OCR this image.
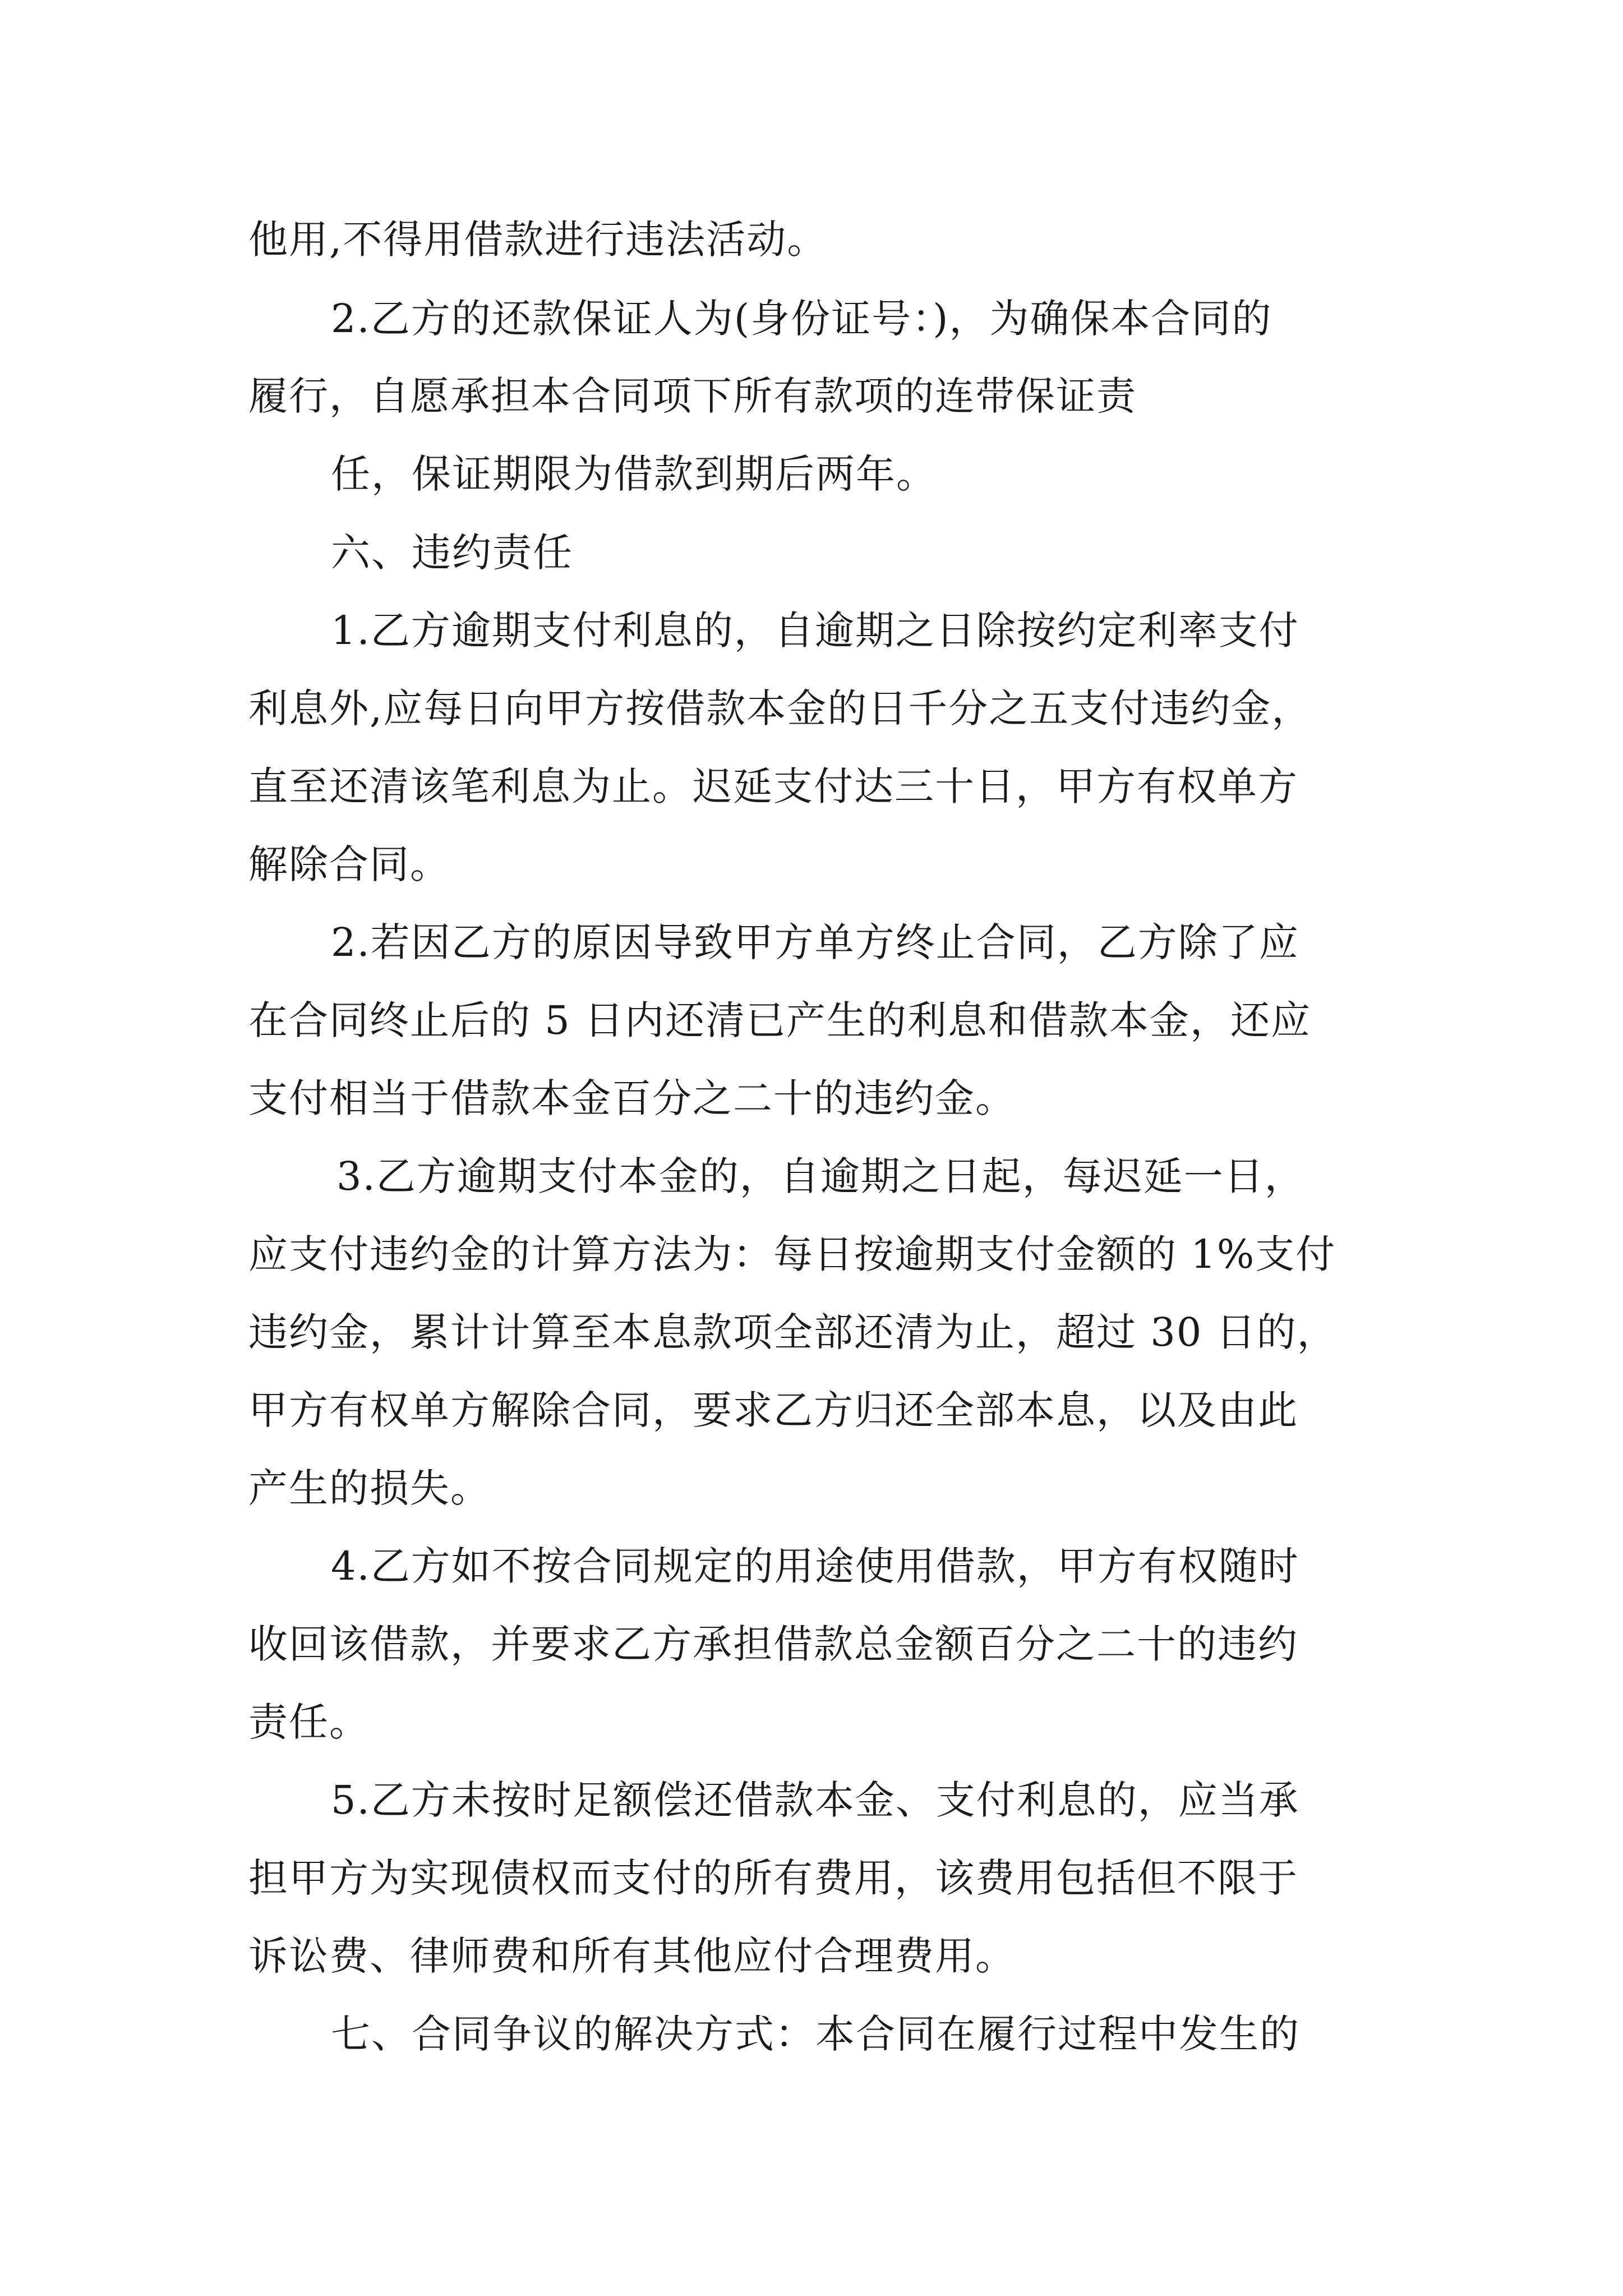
他用,不得用借款进行违法活动。
2.乙方的还款保证人为(身份证号：)，为确保本合同的
履行，自愿承担本合同项下所有款项的连带保证责
任，保证期限为借款到期后两年。
六、违约责任
1.乙方逾期支付利息的，自逾期之日除按约定利率支付
利息外,应每日向甲方按借款本金的日千分之五支付违约金，
直至还清该笔利息为止。迟延支付达三十日，甲方有权单方
解除合同。
2.若因乙方的原因导致甲方单方终止合同，乙方除了应
在合同终止后的 5 日内还清已产生的利息和借款本金，还应
支付相当于借款本金百分之二十的违约金。
3.乙方逾期支付本金的，自逾期之日起，每迟延一日，
应支付违约金的计算方法为：每日按逾期支付金额的 1%支付
违约金，累计计算至本息款项全部还清为止，超过 30 日的，
甲方有权单方解除合同，要求乙方归还全部本息，以及由此
产生的损失。
4.乙方如不按合同规定的用途使用借款，甲方有权随时
收回该借款，并要求乙方承担借款总金额百分之二十的违约
责任。
5.乙方未按时足额偿还借款本金、支付利息的，应当承
担甲方为实现债权而支付的所有费用，该费用包括但不限于
诉讼费、律师费和所有其他应付合理费用。
七、合同争议的解决方式：本合同在履行过程中发生的
